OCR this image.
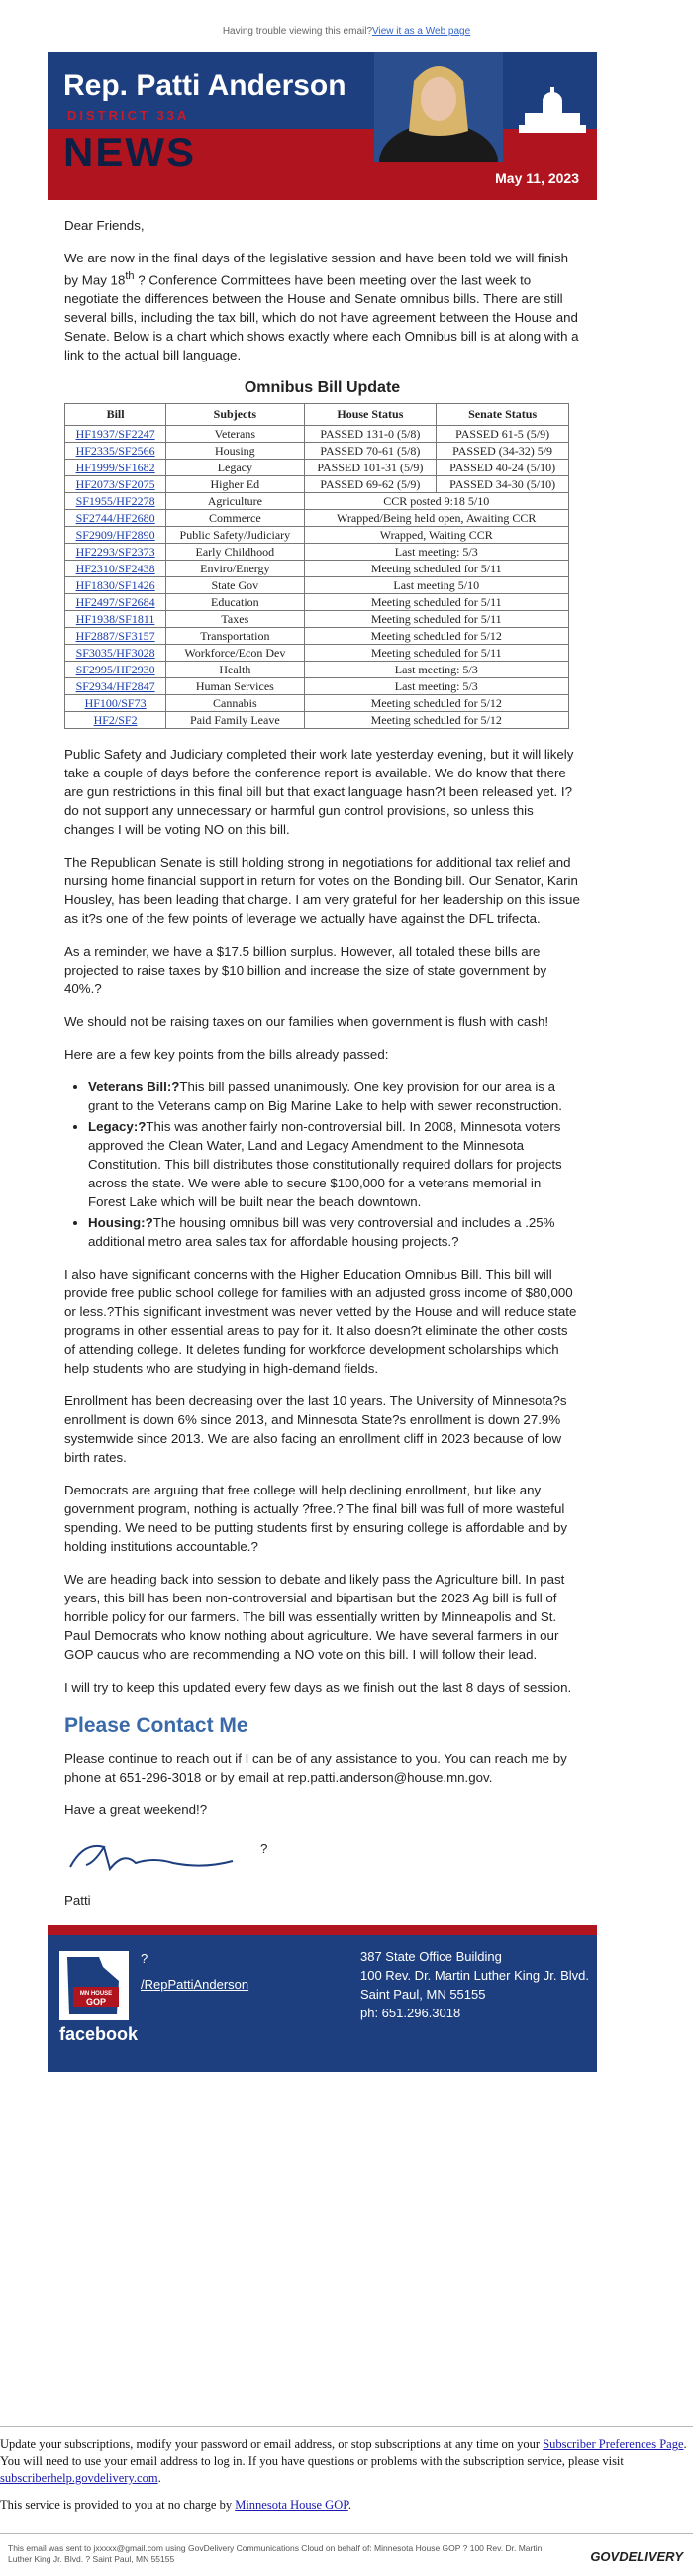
Having trouble viewing this email?View it as a Web page
Rep. Patti Anderson
DISTRICT 33A
NEWS
May 11, 2023

Dear Friends,

We are now in the final days of the legislative session and have been told we will finish by May 18th ? Conference Committees have been meeting over the last week to negotiate the differences between the House and Senate omnibus bills. There are still several bills, including the tax bill, which do not have agreement between the House and Senate. Below is a chart which shows exactly where each Omnibus bill is at along with a link to the actual bill language.

Omnibus Bill Update
Bill	Subjects	House Status	Senate Status
HF1937/SF2247	Veterans	PASSED 131-0 (5/8)	PASSED 61-5 (5/9)
HF2335/SF2566	Housing	PASSED 70-61 (5/8)	PASSED (34-32) 5/9
HF1999/SF1682	Legacy	PASSED 101-31 (5/9)	PASSED 40-24 (5/10)
HF2073/SF2075	Higher Ed	PASSED 69-62 (5/9)	PASSED 34-30 (5/10)
SF1955/HF2278	Agriculture	CCR posted 9:18 5/10	
SF2744/HF2680	Commerce	Wrapped/Being held open, Awaiting CCR	
SF2909/HF2890	Public Safety/Judiciary	Wrapped, Waiting CCR	
HF2293/SF2373	Early Childhood	Last meeting: 5/3	
HF2310/SF2438	Enviro/Energy	Meeting scheduled for 5/11	
HF1830/SF1426	State Gov	Last meeting 5/10	
HF2497/SF2684	Education	Meeting scheduled for 5/11	
HF1938/SF1811	Taxes	Meeting scheduled for 5/11	
HF2887/SF3157	Transportation	Meeting scheduled for 5/12	
SF3035/HF3028	Workforce/Econ Dev	Meeting scheduled for 5/11	
SF2995/HF2930	Health	Last meeting: 5/3	
SF2934/HF2847	Human Services	Last meeting: 5/3	
HF100/SF73	Cannabis	Meeting scheduled for 5/12	
HF2/SF2	Paid Family Leave	Meeting scheduled for 5/12	

Public Safety and Judiciary completed their work late yesterday evening, but it will likely take a couple of days before the conference report is available. We do know that there are gun restrictions in this final bill but that exact language hasn?t been released yet. I?do not support any unnecessary or harmful gun control provisions, so unless this changes I will be voting NO on this bill.

The Republican Senate is still holding strong in negotiations for additional tax relief and nursing home financial support in return for votes on the Bonding bill. Our Senator, Karin Housley, has been leading that charge. I am very grateful for her leadership on this issue as it?s one of the few points of leverage we actually have against the DFL trifecta.

As a reminder, we have a $17.5 billion surplus. However, all totaled these bills are projected to raise taxes by $10 billion and increase the size of state government by 40%.?

We should not be raising taxes on our families when government is flush with cash!

Here are a few key points from the bills already passed:

• Veterans Bill:?This bill passed unanimously. One key provision for our area is a grant to the Veterans camp on Big Marine Lake to help with sewer reconstruction.
• Legacy:?This was another fairly non-controversial bill. In 2008, Minnesota voters approved the Clean Water, Land and Legacy Amendment to the Minnesota Constitution. This bill distributes those constitutionally required dollars for projects across the state. We were able to secure $100,000 for a veterans memorial in Forest Lake which will be built near the beach downtown.
• Housing:?The housing omnibus bill was very controversial and includes a .25% additional metro area sales tax for affordable housing projects.?

I also have significant concerns with the Higher Education Omnibus Bill. This bill will provide free public school college for families with an adjusted gross income of $80,000 or less.?This significant investment was never vetted by the House and will reduce state programs in other essential areas to pay for it. It also doesn?t eliminate the other costs of attending college. It deletes funding for workforce development scholarships which help students who are studying in high-demand fields.

Enrollment has been decreasing over the last 10 years. The University of Minnesota?s enrollment is down 6% since 2013, and Minnesota State?s enrollment is down 27.9% systemwide since 2013. We are also facing an enrollment cliff in 2023 because of low birth rates.

Democrats are arguing that free college will help declining enrollment, but like any government program, nothing is actually ?free.? The final bill was full of more wasteful spending. We need to be putting students first by ensuring college is affordable and by holding institutions accountable.?

We are heading back into session to debate and likely pass the Agriculture bill. In past years, this bill has been non-controversial and bipartisan but the 2023 Ag bill is full of horrible policy for our farmers. The bill was essentially written by Minneapolis and St. Paul Democrats who know nothing about agriculture. We have several farmers in our GOP caucus who are recommending a NO vote on this bill. I will follow their lead.

I will try to keep this updated every few days as we finish out the last 8 days of session.

Please Contact Me

Please continue to reach out if I can be of any assistance to you. You can reach me by phone at 651-296-3018 or by email at rep.patti.anderson@house.mn.gov.

Have a great weekend!?

?

Patti

MN HOUSE
GOP
facebook
?
/RepPattiAnderson
387 State Office Building
100 Rev. Dr. Martin Luther King Jr. Blvd.
Saint Paul, MN 55155
ph: 651.296.3018

Update your subscriptions, modify your password or email address, or stop subscriptions at any time on your Subscriber Preferences Page. You will need to use your email address to log in. If you have questions or problems with the subscription service, please visit subscriberhelp.govdelivery.com.

This service is provided to you at no charge by Minnesota House GOP.

This email was sent to jxxxxx@gmail.com using GovDelivery Communications Cloud on behalf of: Minnesota House GOP ? 100 Rev. Dr. Martin Luther King Jr. Blvd. ? Saint Paul, MN 55155	GOVDELIVERY
